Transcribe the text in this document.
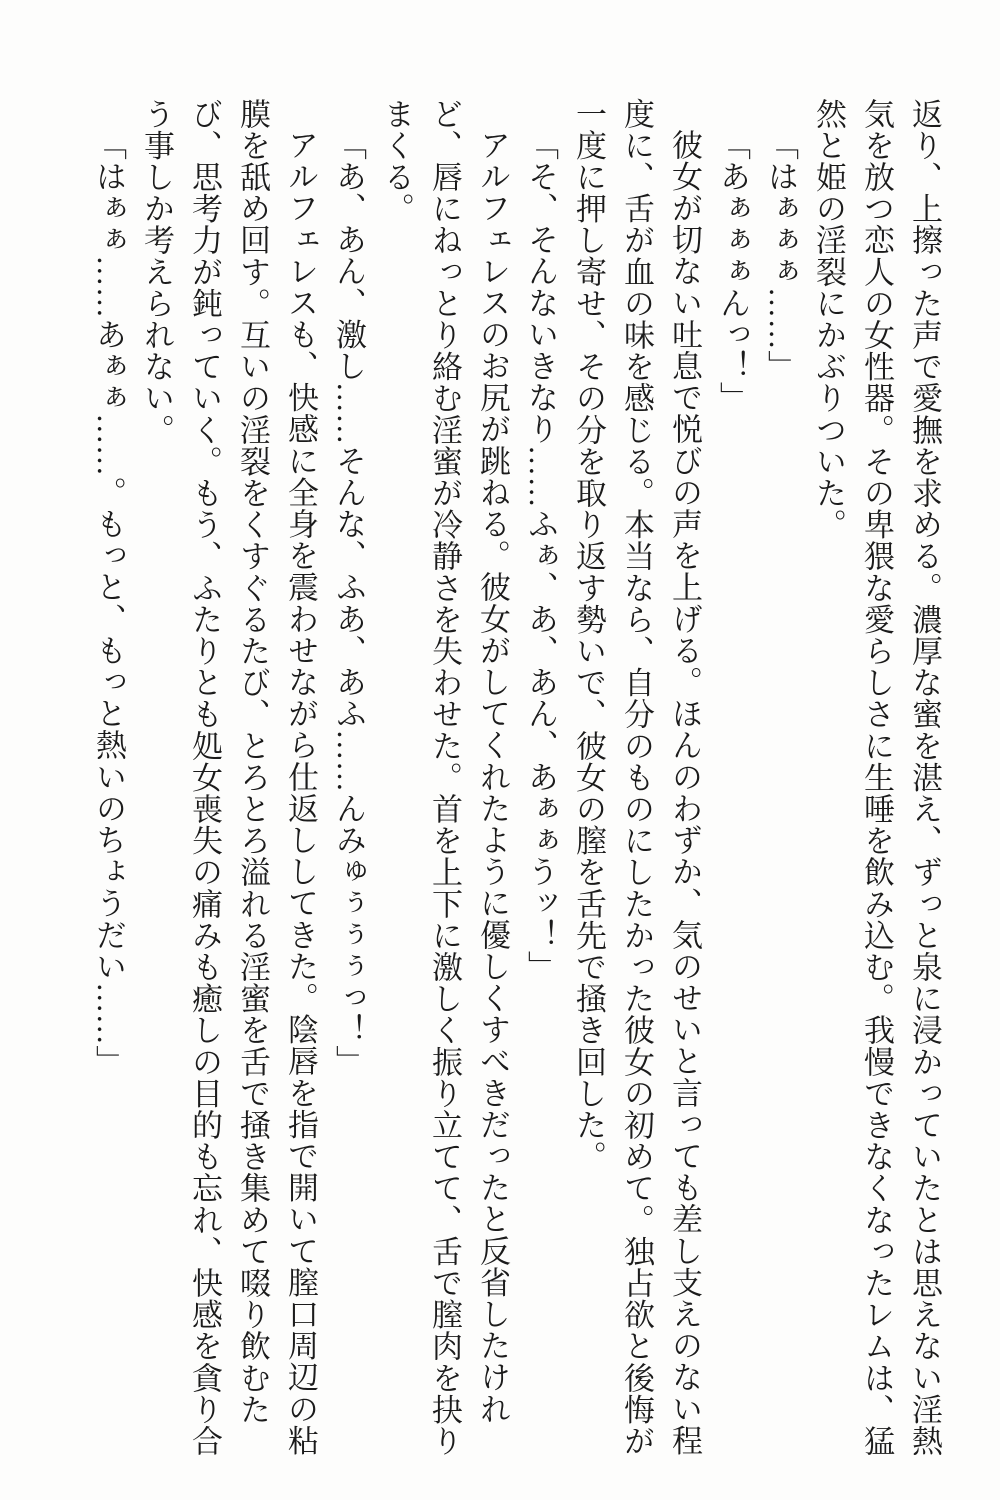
返り、上擦った声で愛撫を求める。濃厚な蜜を湛え、ずっと泉に浸かっていたとは思えない淫熱
気を放つ恋人の女性器。その卑猥な愛らしさに生唾を飲み込む。我慢できなくなったレムは、猛
然と姫の淫裂にかぶりついた。
「はぁぁぁ……」
「あぁぁぁんっ！」
彼女が切ない吐息で悦びの声を上げる。ほんのわずか、気のせいと言っても差し支えのない程
度に、舌が血の味を感じる。本当なら、自分のものにしたかった彼女の初めて。独占欲と後悔が
一度に押し寄せ、その分を取り返す勢いで、彼女の膣を舌先で掻き回した。
「そ、そんないきなり……ふぁ、あ、あん、あぁぁうッ！」
アルフェレスのお尻が跳ねる。彼女がしてくれたように優しくすべきだったと反省したけれ
ど、唇にねっとり絡む淫蜜が冷静さを失わせた。首を上下に激しく振り立てて、舌で膣肉を抉り
まくる。
「あ、あん、激し……そんな、ふあ、あふ……んみゅぅぅぅっ！」
アルフェレスも、快感に全身を震わせながら仕返ししてきた。陰唇を指で開いて膣口周辺の粘
膜を舐め回す。互いの淫裂をくすぐるたび、とろとろ溢れる淫蜜を舌で掻き集めて啜り飲むた
び、思考力が鈍っていく。もう、ふたりとも処女喪失の痛みも癒しの目的も忘れ、快感を貪り合
う事しか考えられない。
「はぁぁ……あぁぁ……。もっと、もっと熱いのちょうだい……」
